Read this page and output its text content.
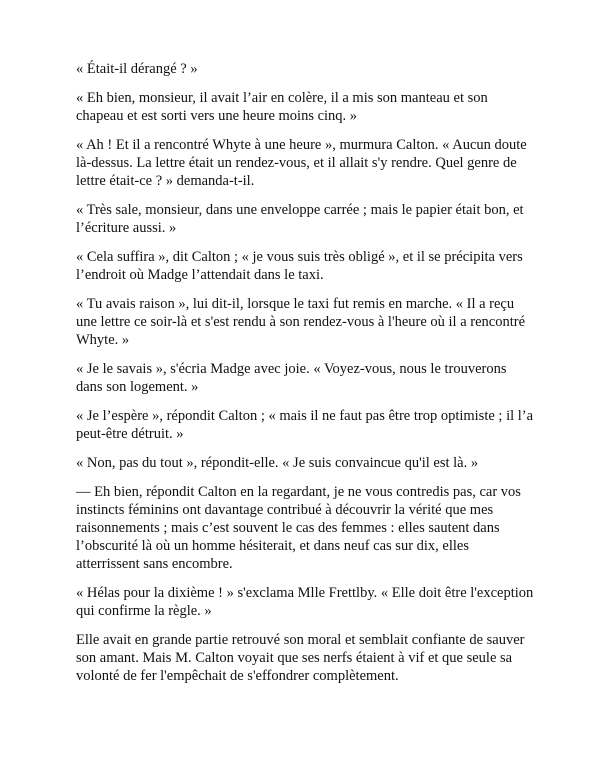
« Était-il dérangé ? »

« Eh bien, monsieur, il avait l’air en colère, il a mis son manteau et son chapeau et est sorti vers une heure moins cinq. »

« Ah ! Et il a rencontré Whyte à une heure », murmura Calton. « Aucun doute là-dessus. La lettre était un rendez-vous, et il allait s'y rendre. Quel genre de lettre était-ce ? » demanda-t-il.

« Très sale, monsieur, dans une enveloppe carrée ; mais le papier était bon, et l’écriture aussi. »

« Cela suffira », dit Calton ; « je vous suis très obligé », et il se précipita vers l’endroit où Madge l’attendait dans le taxi.

« Tu avais raison », lui dit-il, lorsque le taxi fut remis en marche. « Il a reçu une lettre ce soir-là et s'est rendu à son rendez-vous à l'heure où il a rencontré Whyte. »

« Je le savais », s'écria Madge avec joie. « Voyez-vous, nous le trouverons dans son logement. »

« Je l’espère », répondit Calton ; « mais il ne faut pas être trop optimiste ; il l’a peut-être détruit. »

« Non, pas du tout », répondit-elle. « Je suis convaincue qu'il est là. »

— Eh bien, répondit Calton en la regardant, je ne vous contredis pas, car vos instincts féminins ont davantage contribué à découvrir la vérité que mes raisonnements ; mais c’est souvent le cas des femmes : elles sautent dans l’obscurité là où un homme hésiterait, et dans neuf cas sur dix, elles atterrissent sans encombre.

« Hélas pour la dixième ! » s'exclama Mlle Frettlby. « Elle doit être l'exception qui confirme la règle. »

Elle avait en grande partie retrouvé son moral et semblait confiante de sauver son amant. Mais M. Calton voyait que ses nerfs étaient à vif et que seule sa volonté de fer l'empêchait de s'effondrer complètement.
